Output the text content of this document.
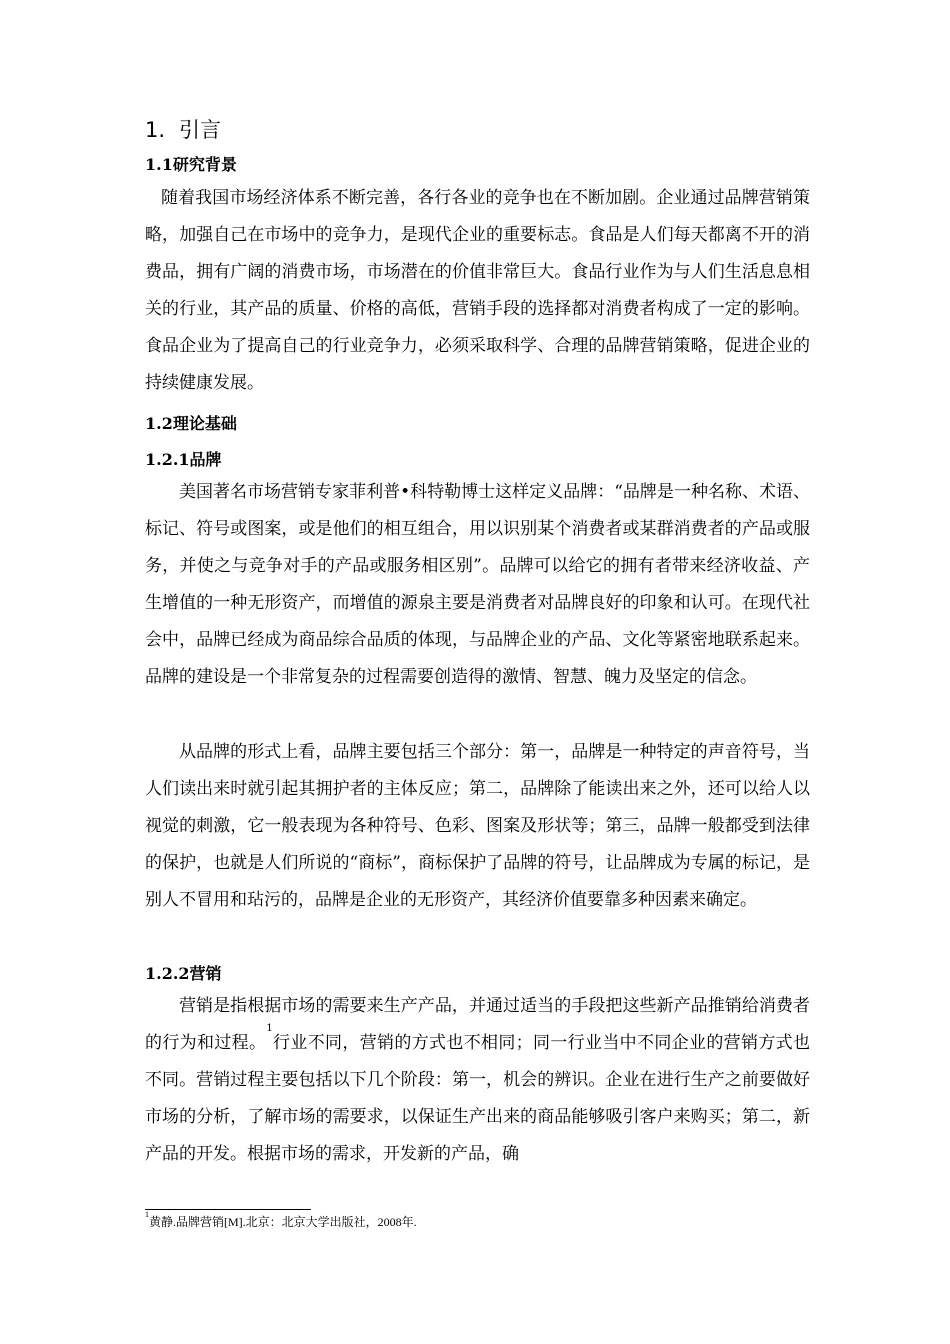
1. 引言
1.1研究背景
随着我国市场经济体系不断完善，各行各业的竞争也在不断加剧。企业通过品牌营销策略，加强自己在市场中的竞争力，是现代企业的重要标志。食品是人们每天都离不开的消费品，拥有广阔的消费市场，市场潜在的价值非常巨大。食品行业作为与人们生活息息相关的行业，其产品的质量、价格的高低，营销手段的选择都对消费者构成了一定的影响。食品企业为了提高自己的行业竞争力，必须采取科学、合理的品牌营销策略，促进企业的持续健康发展。
1.2理论基础
1.2.1品牌
美国著名市场营销专家菲利普•科特勒博士这样定义品牌：“品牌是一种名称、术语、标记、符号或图案，或是他们的相互组合，用以识别某个消费者或某群消费者的产品或服务，并使之与竞争对手的产品或服务相区别”。品牌可以给它的拥有者带来经济收益、产生增值的一种无形资产，而增值的源泉主要是消费者对品牌良好的印象和认可。在现代社会中，品牌已经成为商品综合品质的体现，与品牌企业的产品、文化等紧密地联系起来。品牌的建设是一个非常复杂的过程需要创造得的激情、智慧、魄力及坚定的信念。
从品牌的形式上看，品牌主要包括三个部分：第一，品牌是一种特定的声音符号，当人们读出来时就引起其拥护者的主体反应；第二，品牌除了能读出来之外，还可以给人以视觉的刺激，它一般表现为各种符号、色彩、图案及形状等；第三，品牌一般都受到法律的保护，也就是人们所说的“商标”，商标保护了品牌的符号，让品牌成为专属的标记，是别人不冒用和玷污的，品牌是企业的无形资产，其经济价值要靠多种因素来确定。
1.2.2营销
营销是指根据市场的需要来生产产品，并通过适当的手段把这些新产品推销给消费者的行为和过程。$^1$行业不同，营销的方式也不相同；同一行业当中不同企业的营销方式也不同。营销过程主要包括以下几个阶段：第一，机会的辨识。企业在进行生产之前要做好市场的分析，了解市场的需要求，以保证生产出来的商品能够吸引客户来购买；第二，新产品的开发。根据市场的需求，开发新的产品，确
$^1$黄静.品牌营销[M].北京：北京大学出版社，2008年.
